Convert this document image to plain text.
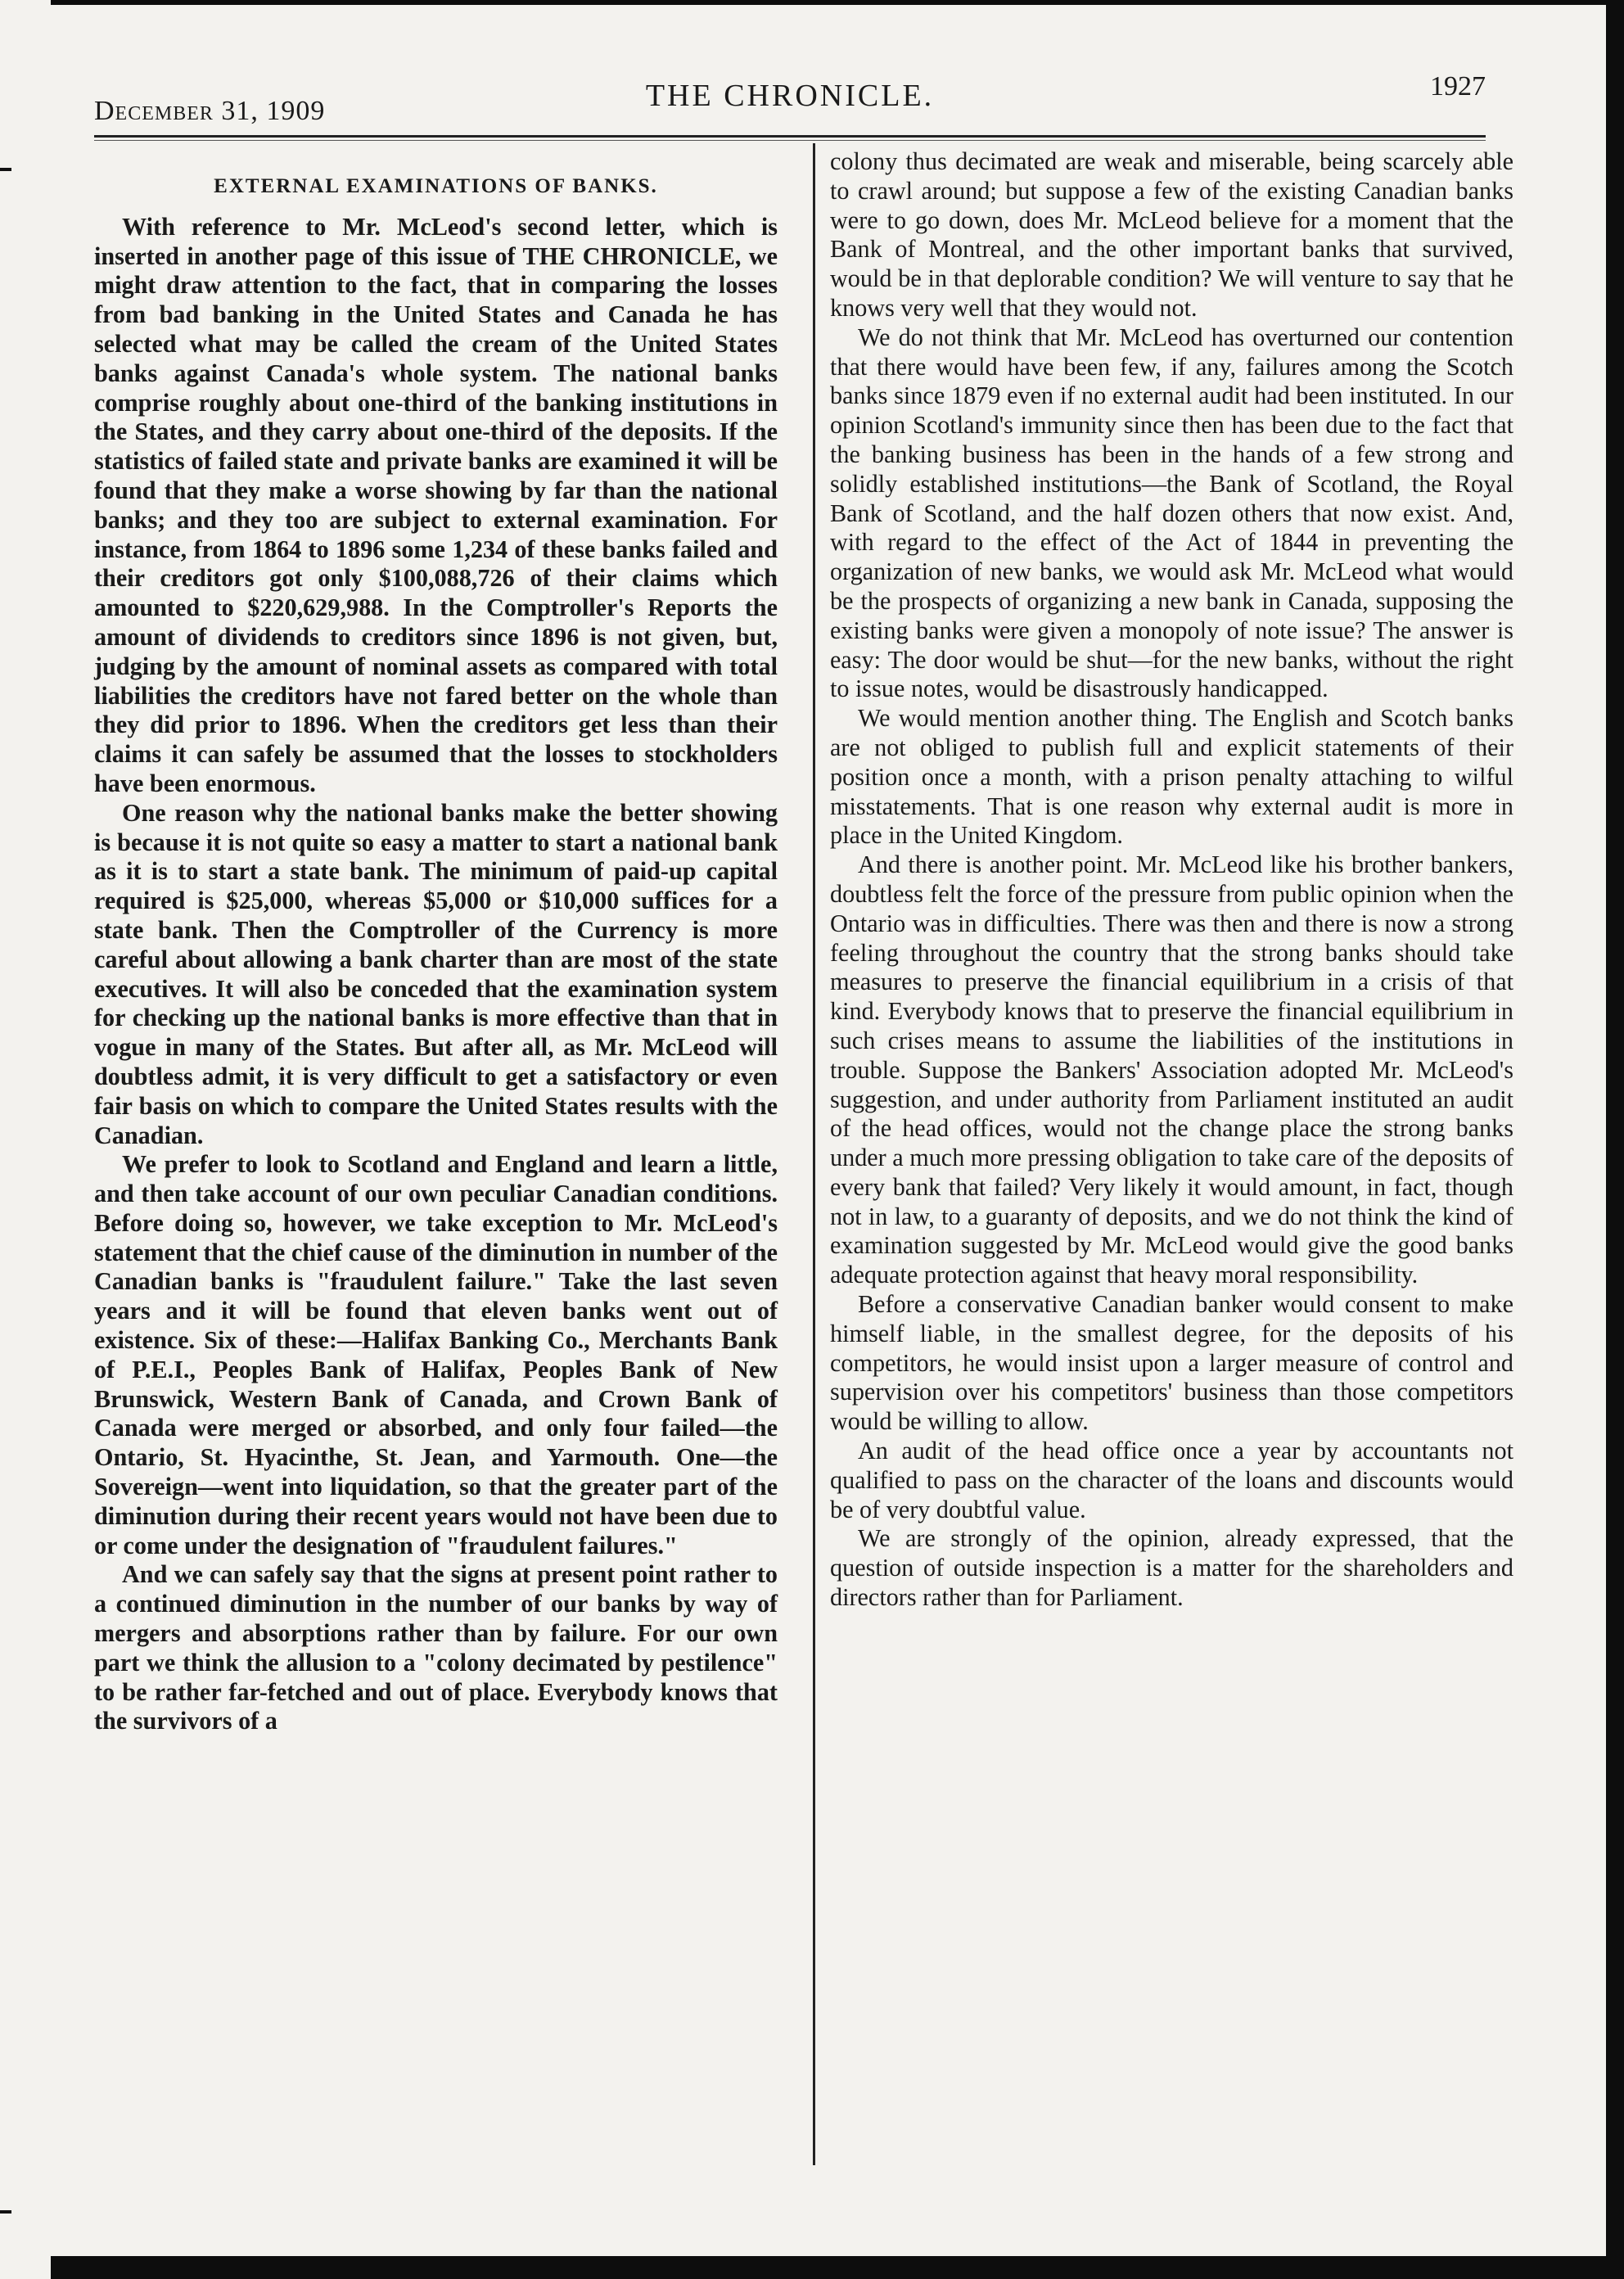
December 31, 1909	THE CHRONICLE.	1927
EXTERNAL EXAMINATIONS OF BANKS.

With reference to Mr. McLeod's second letter, which is inserted in another page of this issue of THE CHRONICLE, we might draw attention to the fact, that in comparing the losses from bad banking in the United States and Canada he has selected what may be called the cream of the United States banks against Canada's whole system. The national banks comprise roughly about one-third of the banking institutions in the States, and they carry about one-third of the deposits. If the statistics of failed state and private banks are examined it will be found that they make a worse showing by far than the national banks; and they too are subject to external examination. For instance, from 1864 to 1896 some 1,234 of these banks failed and their creditors got only $100,088,726 of their claims which amounted to $220,629,988. In the Comptroller's Reports the amount of dividends to creditors since 1896 is not given, but, judging by the amount of nominal assets as compared with total liabilities the creditors have not fared better on the whole than they did prior to 1896. When the creditors get less than their claims it can safely be assumed that the losses to stockholders have been enormous.

One reason why the national banks make the better showing is because it is not quite so easy a matter to start a national bank as it is to start a state bank. The minimum of paid-up capital required is $25,000, whereas $5,000 or $10,000 suffices for a state bank. Then the Comptroller of the Currency is more careful about allowing a bank charter than are most of the state executives. It will also be conceded that the examination system for checking up the national banks is more effective than that in vogue in many of the States. But after all, as Mr. McLeod will doubtless admit, it is very difficult to get a satisfactory or even fair basis on which to compare the United States results with the Canadian.

We prefer to look to Scotland and England and learn a little, and then take account of our own peculiar Canadian conditions. Before doing so, however, we take exception to Mr. McLeod's statement that the chief cause of the diminution in number of the Canadian banks is "fraudulent failure." Take the last seven years and it will be found that eleven banks went out of existence. Six of these:—Halifax Banking Co., Merchants Bank of P.E.I., Peoples Bank of Halifax, Peoples Bank of New Brunswick, Western Bank of Canada, and Crown Bank of Canada were merged or absorbed, and only four failed—the Ontario, St. Hyacinthe, St. Jean, and Yarmouth. One—the Sovereign—went into liquidation, so that the greater part of the diminution during their recent years would not have been due to or come under the designation of "fraudulent failures."

And we can safely say that the signs at present point rather to a continued diminution in the number of our banks by way of mergers and absorptions rather than by failure. For our own part we think the allusion to a "colony decimated by pestilence" to be rather far-fetched and out of place. Everybody knows that the survivors of a

colony thus decimated are weak and miserable, being scarcely able to crawl around; but suppose a few of the existing Canadian banks were to go down, does Mr. McLeod believe for a moment that the Bank of Montreal, and the other important banks that survived, would be in that deplorable condition? We will venture to say that he knows very well that they would not.

We do not think that Mr. McLeod has overturned our contention that there would have been few, if any, failures among the Scotch banks since 1879 even if no external audit had been instituted. In our opinion Scotland's immunity since then has been due to the fact that the banking business has been in the hands of a few strong and solidly established institutions—the Bank of Scotland, the Royal Bank of Scotland, and the half dozen others that now exist. And, with regard to the effect of the Act of 1844 in preventing the organization of new banks, we would ask Mr. McLeod what would be the prospects of organizing a new bank in Canada, supposing the existing banks were given a monopoly of note issue? The answer is easy: The door would be shut—for the new banks, without the right to issue notes, would be disastrously handicapped.

We would mention another thing. The English and Scotch banks are not obliged to publish full and explicit statements of their position once a month, with a prison penalty attaching to wilful misstatements. That is one reason why external audit is more in place in the United Kingdom.

And there is another point. Mr. McLeod like his brother bankers, doubtless felt the force of the pressure from public opinion when the Ontario was in difficulties. There was then and there is now a strong feeling throughout the country that the strong banks should take measures to preserve the financial equilibrium in a crisis of that kind. Everybody knows that to preserve the financial equilibrium in such crises means to assume the liabilities of the institutions in trouble. Suppose the Bankers' Association adopted Mr. McLeod's suggestion, and under authority from Parliament instituted an audit of the head offices, would not the change place the strong banks under a much more pressing obligation to take care of the deposits of every bank that failed? Very likely it would amount, in fact, though not in law, to a guaranty of deposits, and we do not think the kind of examination suggested by Mr. McLeod would give the good banks adequate protection against that heavy moral responsibility.

Before a conservative Canadian banker would consent to make himself liable, in the smallest degree, for the deposits of his competitors, he would insist upon a larger measure of control and supervision over his competitors' business than those competitors would be willing to allow.

An audit of the head office once a year by accountants not qualified to pass on the character of the loans and discounts would be of very doubtful value.

We are strongly of the opinion, already expressed, that the question of outside inspection is a matter for the shareholders and directors rather than for Parliament.
